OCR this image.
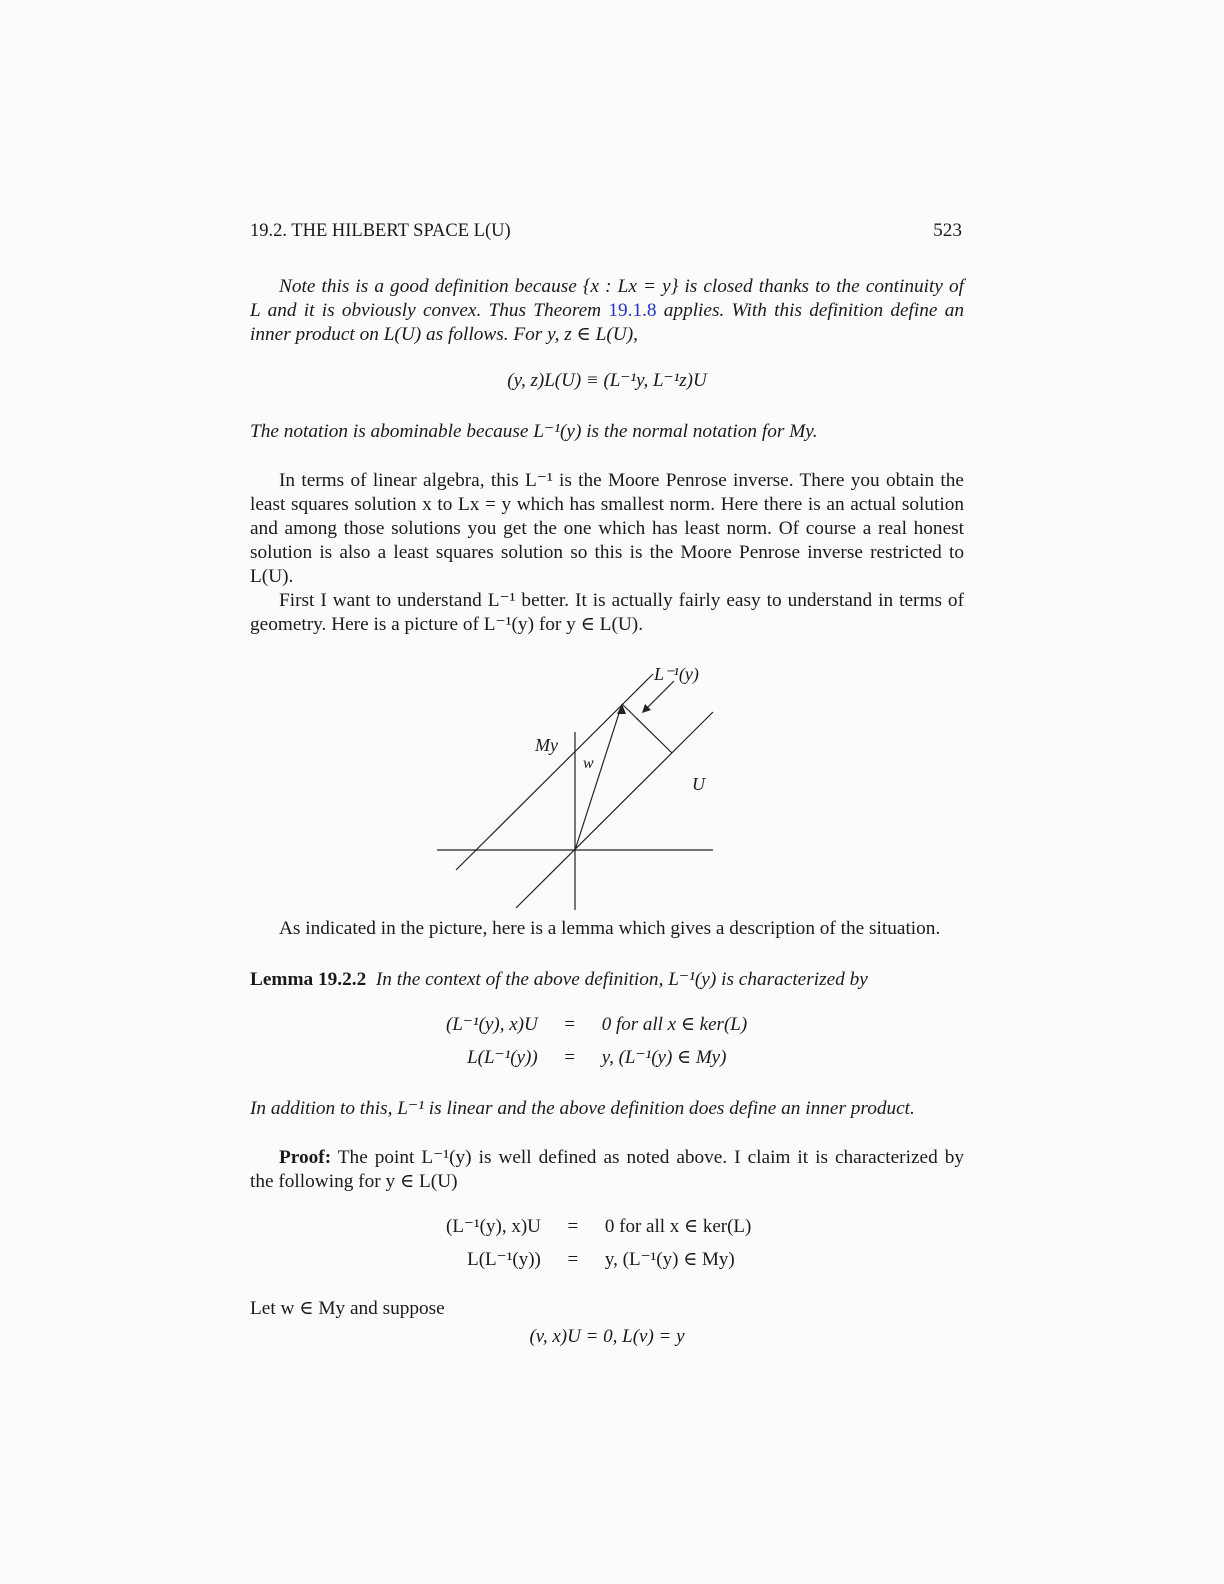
19.2. THE HILBERT SPACE L(U)	523
Note this is a good definition because {x : Lx = y} is closed thanks to the continuity of
L and it is obviously convex. Thus Theorem 19.1.8 applies. With this definition define an
inner product on L(U) as follows. For y, z ∈ L(U),
(y, z)L(U) ≡ (L⁻¹y, L⁻¹z)U
The notation is abominable because L⁻¹(y) is the normal notation for My.
In terms of linear algebra, this L⁻¹ is the Moore Penrose inverse. There you obtain the
least squares solution x to Lx = y which has smallest norm. Here there is an actual solution
and among those solutions you get the one which has least norm. Of course a real honest
solution is also a least squares solution so this is the Moore Penrose inverse restricted to
L(U).
First I want to understand L⁻¹ better. It is actually fairly easy to understand in terms of
geometry. Here is a picture of L⁻¹(y) for y ∈ L(U).
L⁻¹(y)
My
w
U
As indicated in the picture, here is a lemma which gives a description of the situation.
Lemma 19.2.2 In the context of the above definition, L⁻¹(y) is characterized by
(L⁻¹(y), x)U	=	0 for all x ∈ ker(L)
L(L⁻¹(y))	=	y, (L⁻¹(y) ∈ My)
In addition to this, L⁻¹ is linear and the above definition does define an inner product.
Proof: The point L⁻¹(y) is well defined as noted above. I claim it is characterized by
the following for y ∈ L(U)
(L⁻¹(y), x)U	=	0 for all x ∈ ker(L)
L(L⁻¹(y))	=	y, (L⁻¹(y) ∈ My)
Let w ∈ My and suppose
(v, x)U = 0, L(v) = y
